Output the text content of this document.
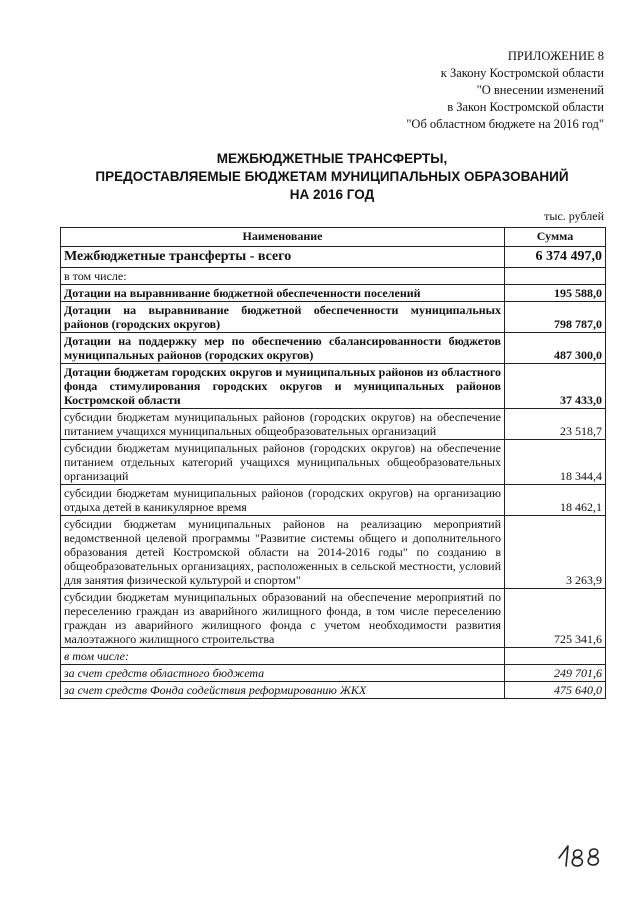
ПРИЛОЖЕНИЕ 8
к Закону Костромской области
"О внесении изменений
в Закон Костромской области
"Об областном бюджете на 2016 год"
МЕЖБЮДЖЕТНЫЕ ТРАНСФЕРТЫ,
ПРЕДОСТАВЛЯЕМЫЕ БЮДЖЕТАМ МУНИЦИПАЛЬНЫХ ОБРАЗОВАНИЙ
НА 2016 ГОД
тыс. рублей
Наименование	Сумма
Межбюджетные трансферты - всего	6 374 497,0
в том числе:	
Дотации на выравнивание бюджетной обеспеченности поселений	195 588,0
Дотации на выравнивание бюджетной обеспеченности муниципальных районов (городских округов)	798 787,0
Дотации на поддержку мер по обеспечению сбалансированности бюджетов муниципальных районов (городских округов)	487 300,0
Дотации бюджетам городских округов и муниципальных районов из областного фонда стимулирования городских округов и муниципальных районов Костромской области	37 433,0
субсидии бюджетам муниципальных районов (городских округов) на обеспечение питанием учащихся муниципальных общеобразовательных организаций	23 518,7
субсидии бюджетам муниципальных районов (городских округов) на обеспечение питанием отдельных категорий учащихся муниципальных общеобразовательных организаций	18 344,4
субсидии бюджетам муниципальных районов (городских округов) на организацию отдыха детей в каникулярное время	18 462,1
субсидии бюджетам муниципальных районов на реализацию мероприятий ведомственной целевой программы "Развитие системы общего и дополнительного образования детей Костромской области на 2014-2016 годы" по созданию в общеобразовательных организациях, расположенных в сельской местности, условий для занятия физической культурой и спортом"	3 263,9
субсидии бюджетам муниципальных образований на обеспечение мероприятий по переселению граждан из аварийного жилищного фонда, в том числе переселению граждан из аварийного жилищного фонда с учетом необходимости развития малоэтажного жилищного строительства	725 341,6
в том числе:	
за счет средств областного бюджета	249 701,6
за счет средств Фонда содействия реформированию ЖКХ	475 640,0
